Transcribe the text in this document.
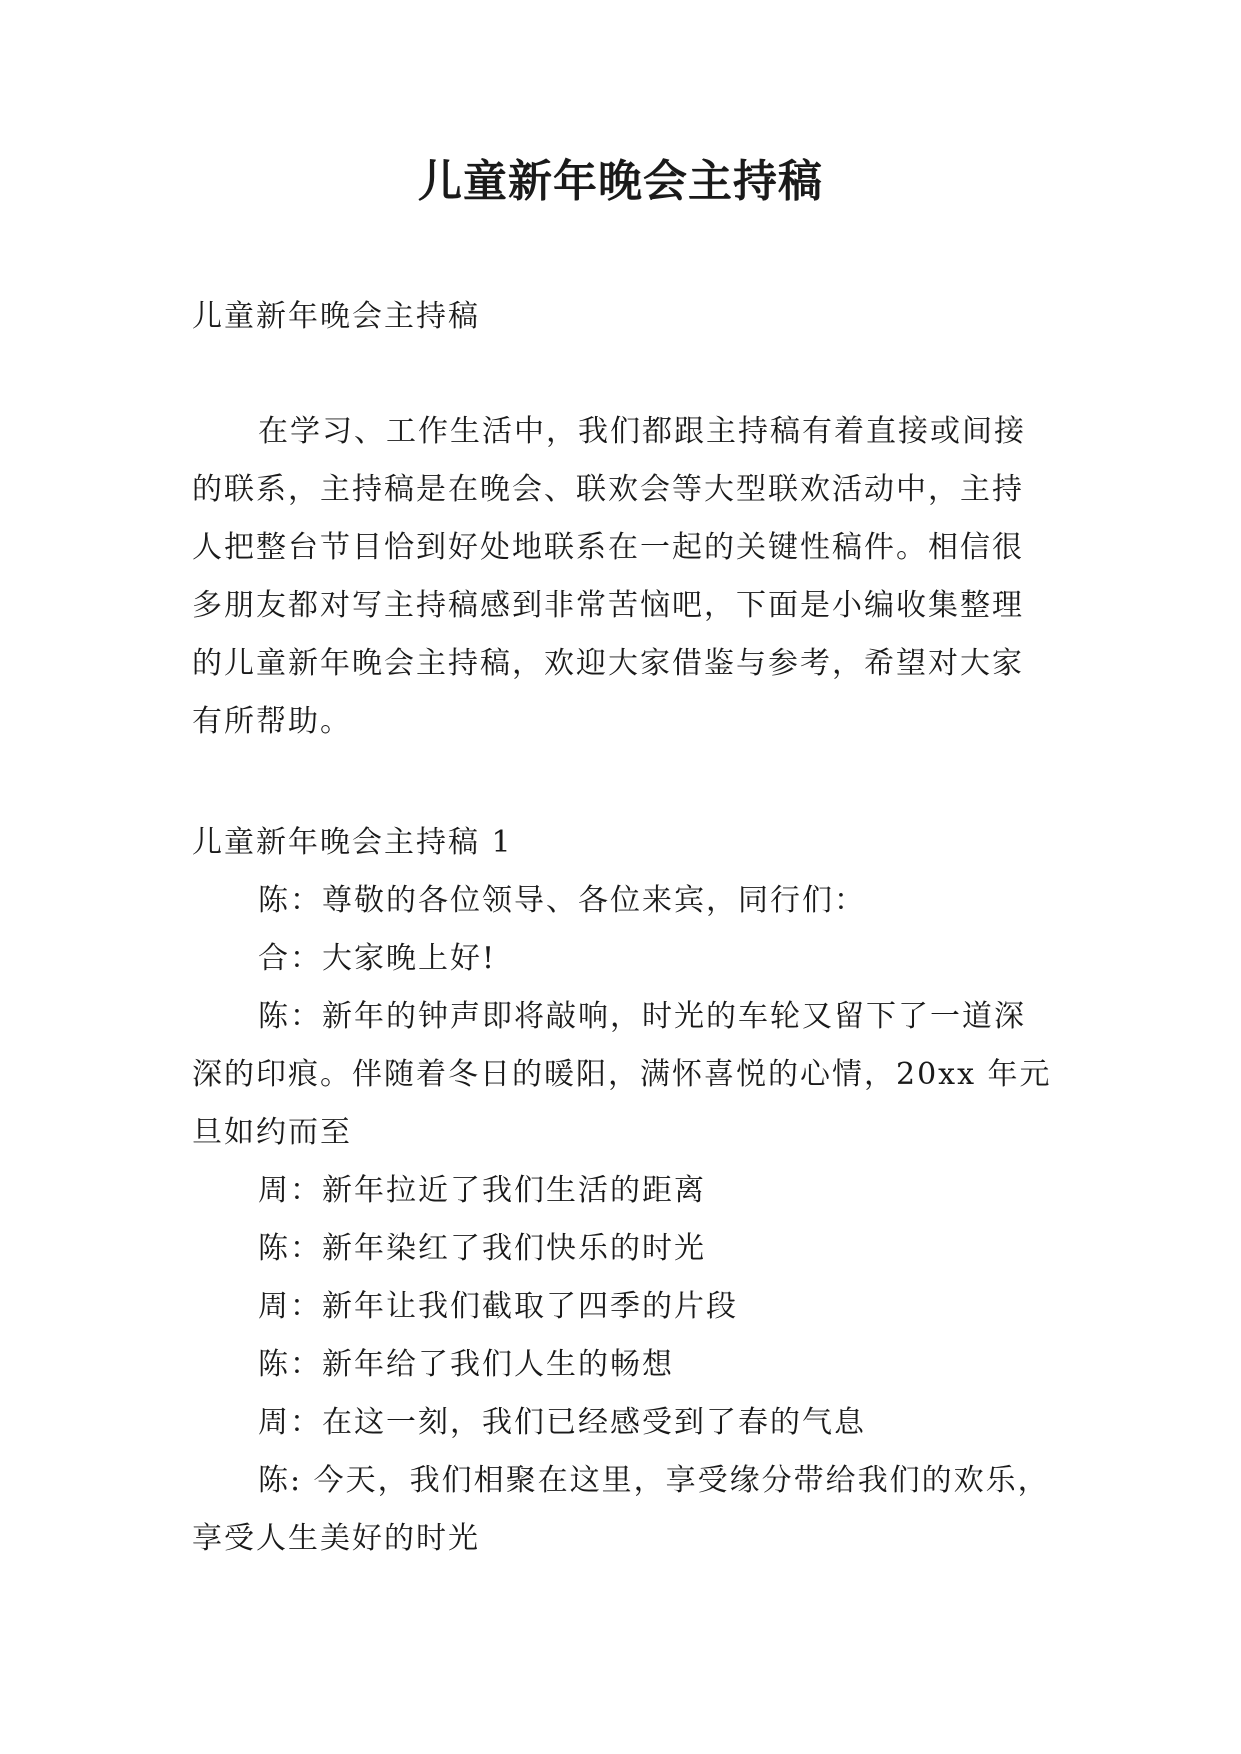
儿童新年晚会主持稿
儿童新年晚会主持稿

在学习、工作生活中，我们都跟主持稿有着直接或间接的联系，主持稿是在晚会、联欢会等大型联欢活动中，主持人把整台节目恰到好处地联系在一起的关键性稿件。相信很多朋友都对写主持稿感到非常苦恼吧，下面是小编收集整理的儿童新年晚会主持稿，欢迎大家借鉴与参考，希望对大家有所帮助。

儿童新年晚会主持稿 1

陈：尊敬的各位领导、各位来宾，同行们：

合：大家晚上好!

陈：新年的钟声即将敲响，时光的车轮又留下了一道深深的印痕。伴随着冬日的暖阳，满怀喜悦的心情，20xx 年元旦如约而至

周：新年拉近了我们生活的距离

陈：新年染红了我们快乐的时光

周：新年让我们截取了四季的片段

陈：新年给了我们人生的畅想

周：在这一刻，我们已经感受到了春的气息

陈: 今天，我们相聚在这里，享受缘分带给我们的欢乐，享受人生美好的时光
